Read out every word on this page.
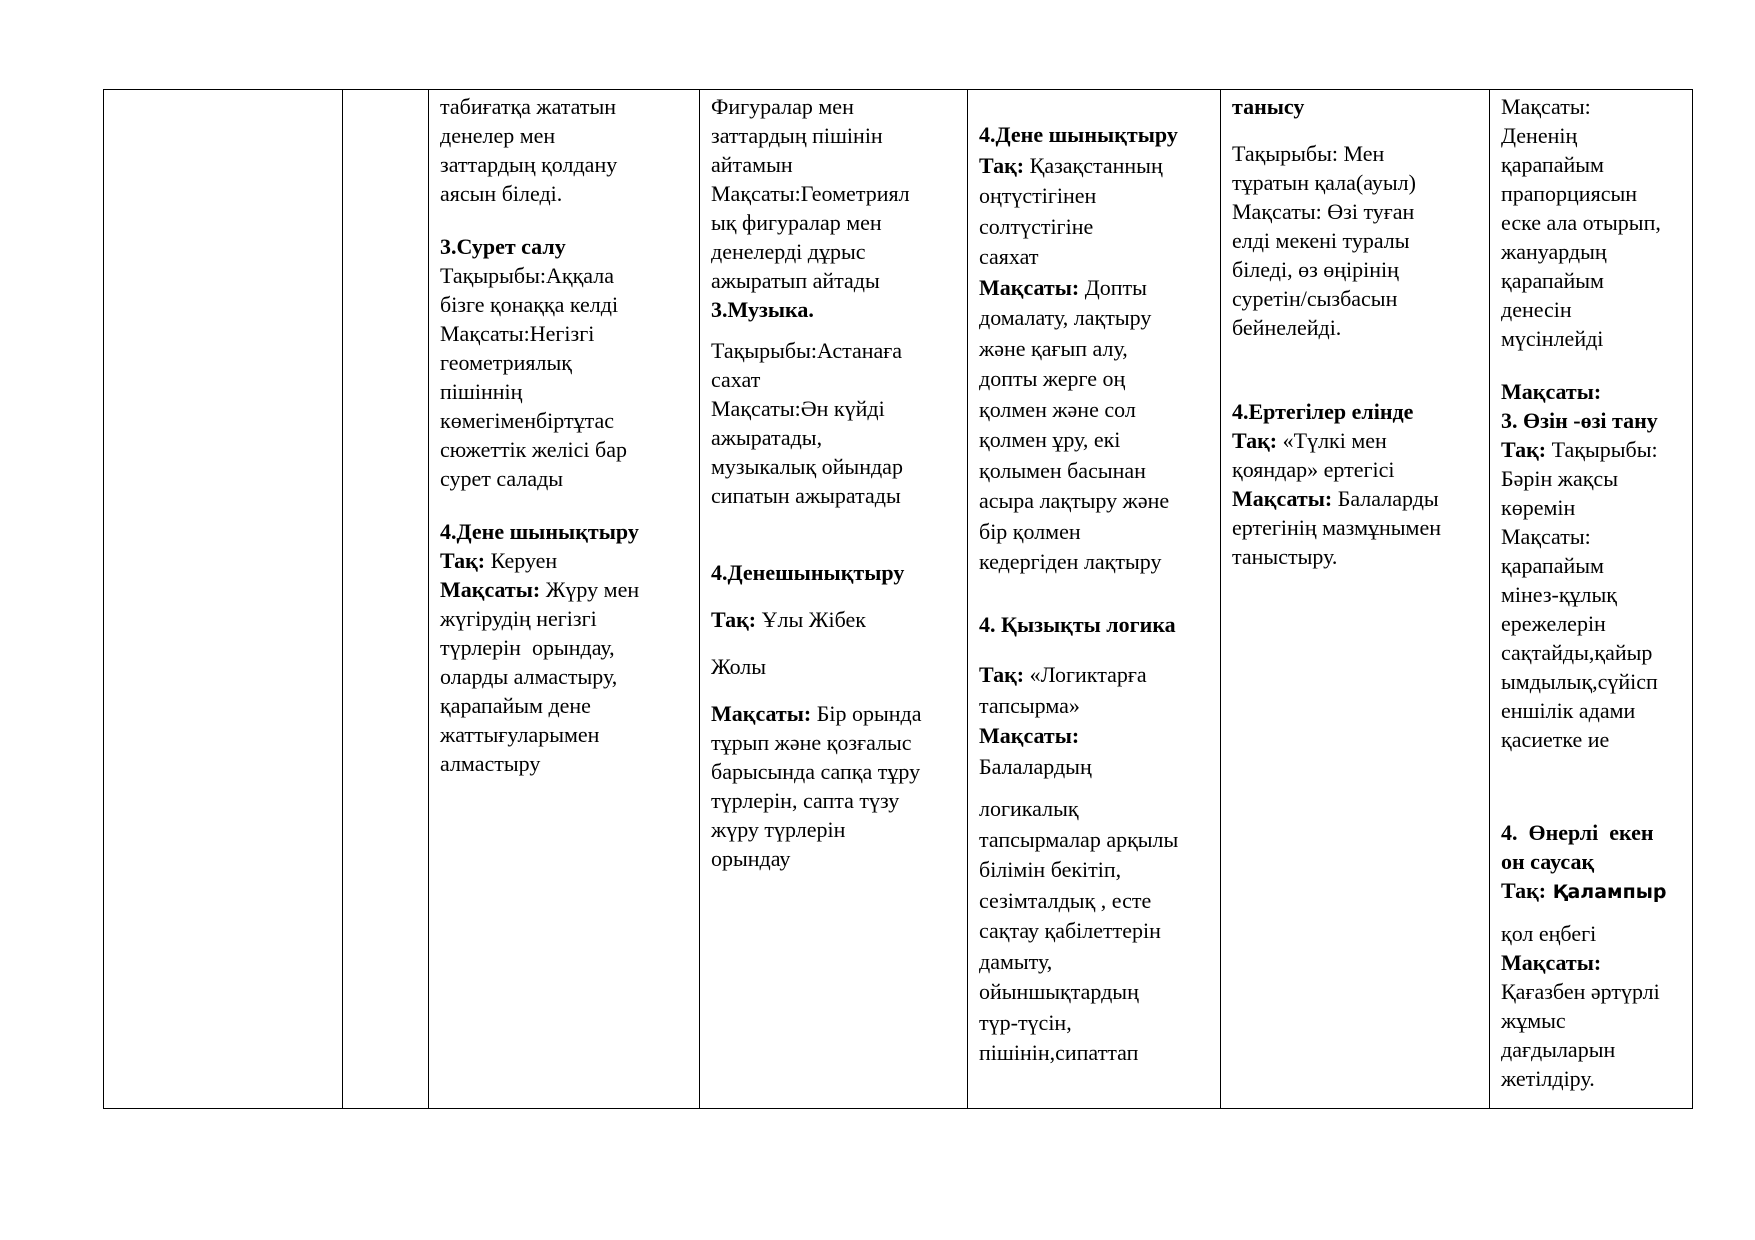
табиғатқа жататын

денелер мен

заттардың қолдану

аясын біледі.

3.Сурет салу

Тақырыбы:Аққала

бізге қонаққа келді

Мақсаты:Негізгі

геометриялық

пішіннің

көмегіменбіртұтас

сюжеттік желісі бар

сурет салады

4.Дене шынықтыру

Тақ: Керуен

Мақсаты: Жүру мен

жүгірудің негізгі

түрлерін  орындау,

оларды алмастыру,

қарапайым дене

жаттығуларымен

алмастыру

Фигуралар мен

заттардың пішінін

айтамын

Мақсаты:Геометриял

ық фигуралар мен

денелерді дұрыс

ажыратып айтады

3.Музыка.

Тақырыбы:Астанаға

сахат

Мақсаты:Ән күйді

ажыратады,

музыкалық ойындар

сипатын ажыратады

4.Денешынықтыру

Тақ: Ұлы Жібек

Жолы

Мақсаты: Бір орында

тұрып және қозғалыс

барысында сапқа тұру

түрлерін, сапта түзу

жүру түрлерін

орындау

4.Дене шынықтыру

Тақ: Қазақстанның

оңтүстігінен

солтүстігіне

саяхат

Мақсаты: Допты

домалату, лақтыру

және қағып алу,

допты жерге оң

қолмен және сол

қолмен ұру, екі

қолымен басынан

асыра лақтыру және

бір қолмен

кедергіден лақтыру

4. Қызықты логика

Тақ: «Логиктарға

тапсырма»

Мақсаты:

Балалардың

логикалық

тапсырмалар арқылы

білімін бекітіп,

сезімталдық , есте

сақтау қабілеттерін

дамыту,

ойыншықтардың

түр-түсін,

пішінін,сипаттап

танысу

Тақырыбы: Мен

тұратын қала(ауыл)

Мақсаты: Өзі туған

елді мекені туралы

біледі, өз өңірінің

суретін/сызбасын

бейнелейді.

4.Ертегілер елінде

Тақ: «Түлкі мен

қояндар» ертегісі

Мақсаты: Балаларды

ертегінің мазмұнымен

таныстыру.

Мақсаты:

Дененің

қарапайым

прапорциясын

еске ала отырып,

жануардың

қарапайым

денесін

мүсінлейді

Мақсаты:

3. Өзін -өзі тану

Тақ: Тақырыбы:

Бәрін жақсы

көремін

Мақсаты:

қарапайым

мінез-құлық

ережелерін

сақтайды,қайыр

ымдылық,сүйісп

еншілік адами

қасиетке ие

4.  Өнерлі  екен

он саусақ

Тақ: Қалампыр

қол еңбегі

Мақсаты:

Қағазбен әртүрлі

жұмыс

дағдыларын

жетілдіру.
